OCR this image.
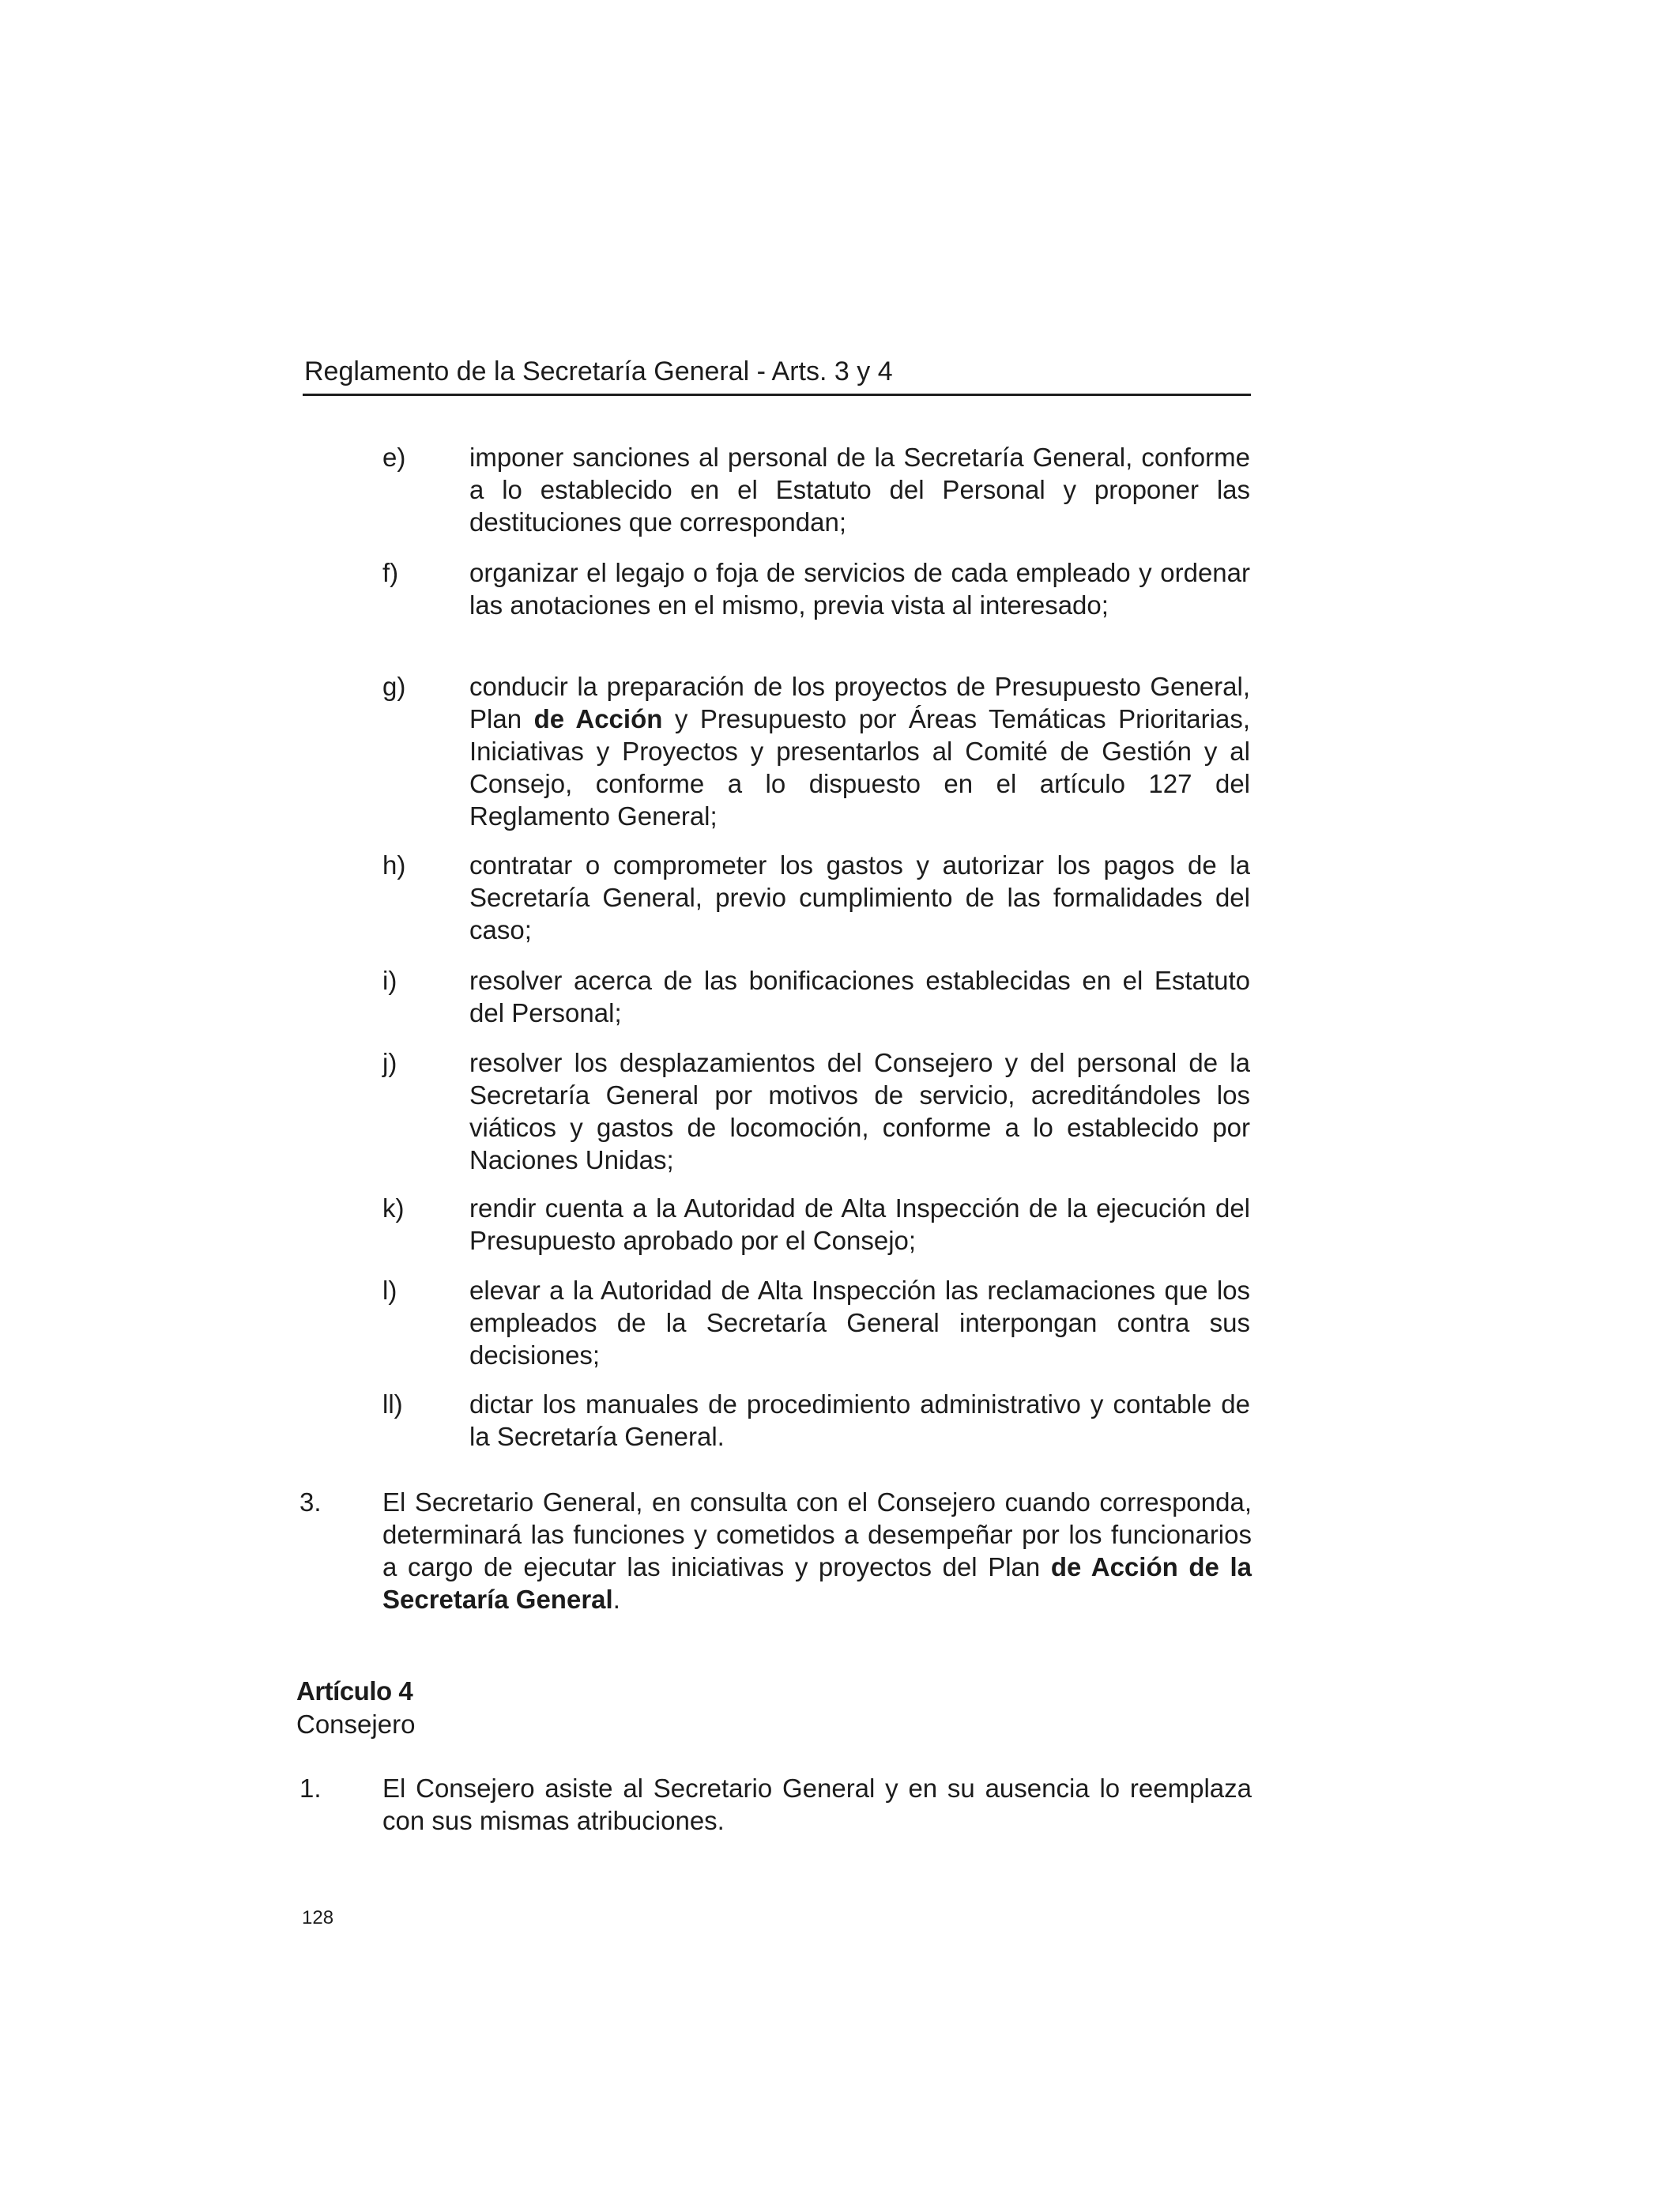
Reglamento de la Secretaría General - Arts. 3 y 4
e) imponer sanciones al personal de la Secretaría General, conforme a lo establecido en el Estatuto del Personal y proponer las destituciones que correspondan;
f)	organizar el legajo o foja de servicios de cada empleado y ordenar las anotaciones en el mismo, previa vista al interesado;
g) conducir la preparación de los proyectos de Presupuesto General, Plan de Acción y Presupuesto por Áreas Temáticas Prioritarias, Iniciativas y Proyectos y presentarlos al Comité de Gestión y al Consejo, conforme a lo dispuesto en el artículo 127 del Reglamento General;
h) contratar o comprometer los gastos y autorizar los pagos de la Secretaría General, previo cumplimiento de las formalidades del caso;
i)	resolver acerca de las bonificaciones establecidas en el Estatuto del Personal;
j)	resolver los desplazamientos del Consejero y del personal de la Secretaría General por motivos de servicio, acreditándoles los viáticos y gastos de locomoción, conforme a lo establecido por Naciones Unidas;
k)	rendir cuenta a la Autoridad de Alta Inspección de la ejecución del Presupuesto aprobado por el Consejo;
l)	elevar a la Autoridad de Alta Inspección las reclamaciones que los empleados de la Secretaría General interpongan contra sus decisiones;
ll)	dictar los manuales de procedimiento administrativo y contable de la Secretaría General.
3. El Secretario General, en consulta con el Consejero cuando corresponda, determinará las funciones y cometidos a desempeñar por los funcionarios a cargo de ejecutar las iniciativas y proyectos del Plan de Acción de la Secretaría General.
Artículo 4
Consejero
1. El Consejero asiste al Secretario General y en su ausencia lo reemplaza con sus mismas atribuciones.
128
